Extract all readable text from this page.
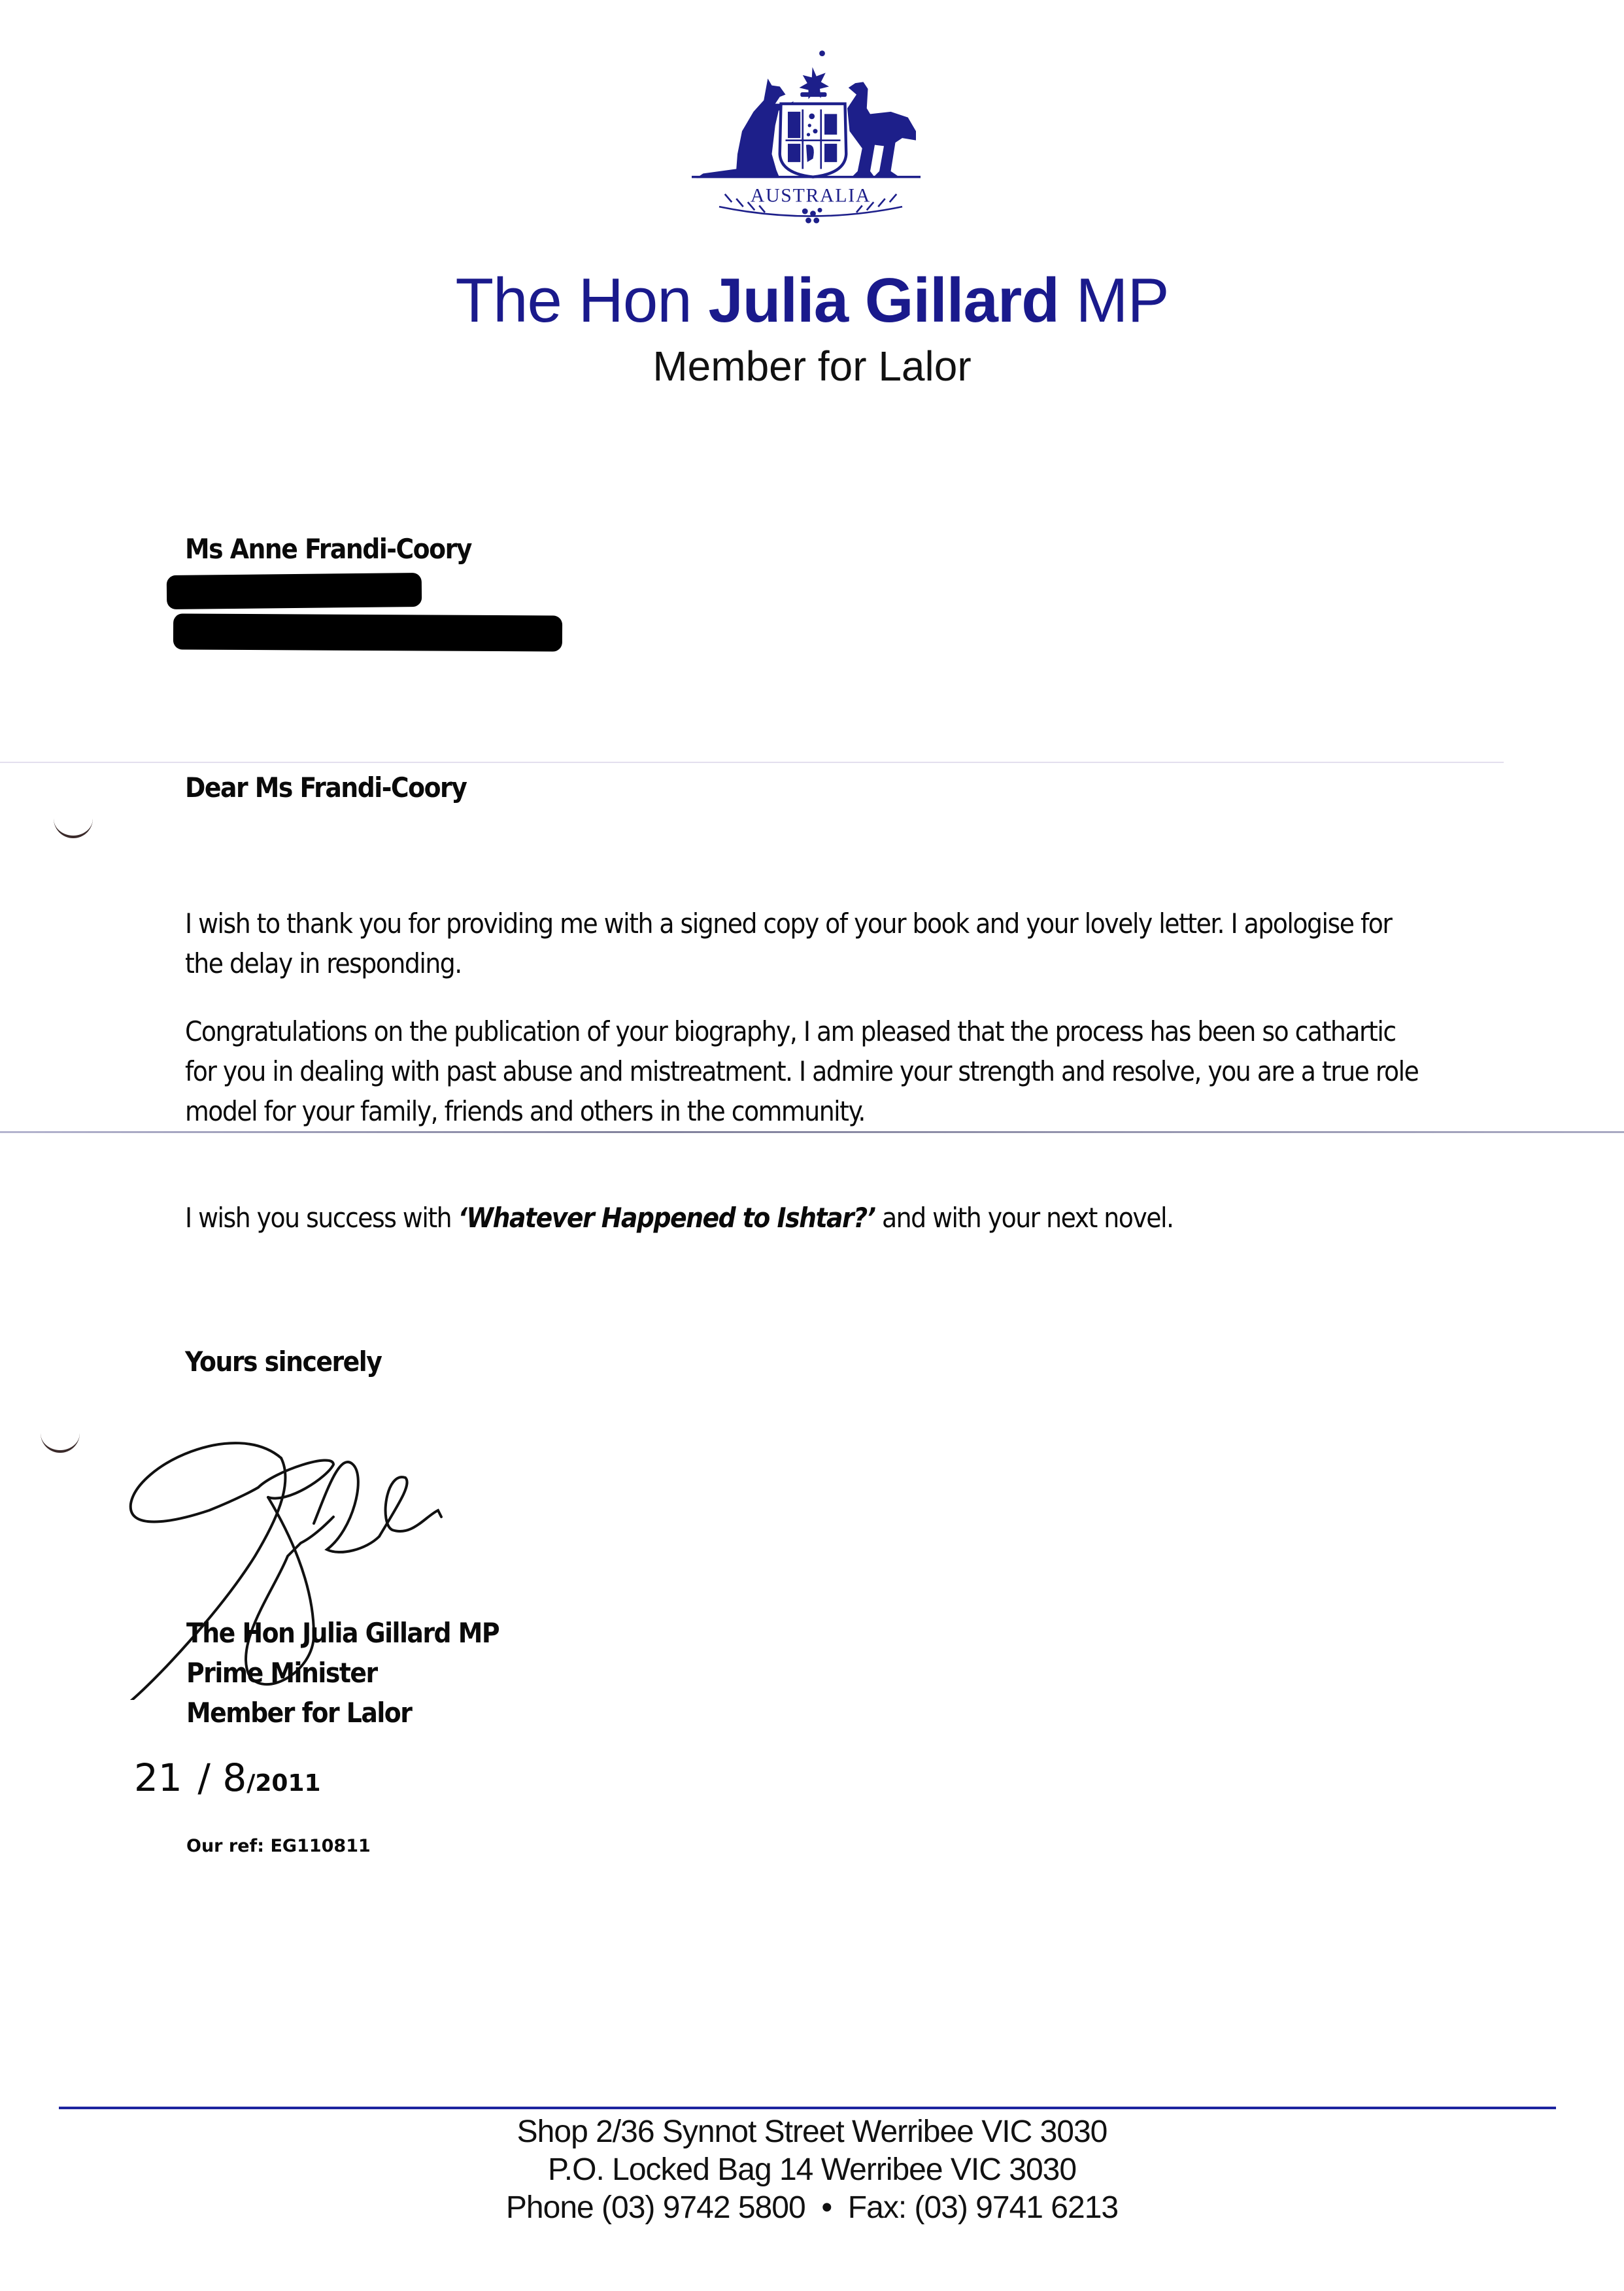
AUSTRALIA
The Hon Julia Gillard MP
Member for Lalor
Ms Anne Frandi-Coory
Dear Ms Frandi-Coory
I wish to thank you for providing me with a signed copy of your book and your lovely letter. I apologise for the delay in responding.
Congratulations on the publication of your biography, I am pleased that the process has been so cathartic for you in dealing with past abuse and mistreatment. I admire your strength and resolve, you are a true role model for your family, friends and others in the community.
I wish you success with ‘Whatever Happened to Ishtar?’ and with your next novel.
Yours sincerely
The Hon Julia Gillard MP
Prime Minister
Member for Lalor
21  / 8/2011
Our ref: EG110811
Shop 2/36 Synnot Street Werribee VIC 3030
P.O. Locked Bag 14 Werribee VIC 3030
Phone (03) 9742 5800 • Fax: (03) 9741 6213
